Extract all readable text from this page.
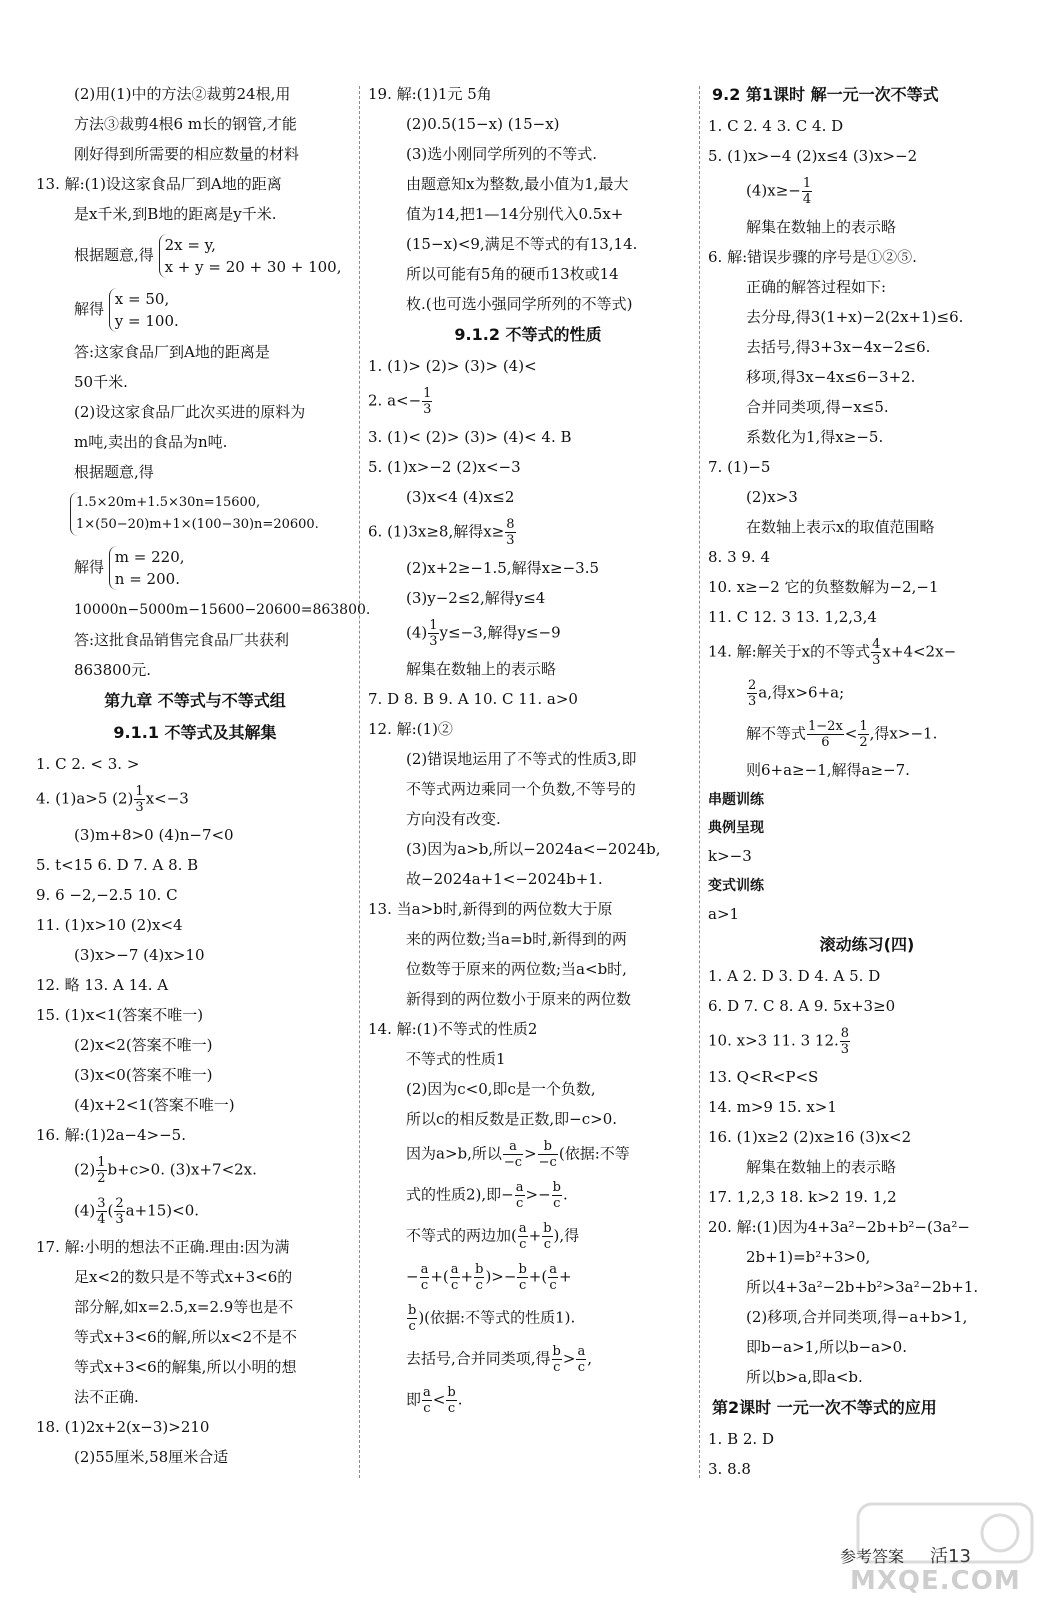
(2)用(1)中的方法②裁剪24根,用
方法③裁剪4根6 m长的钢管,才能
刚好得到所需要的相应数量的材料
13. 解:(1)设这家食品厂到A地的距离
是x千米,到B地的距离是y千米.
根据题意,得 2x = y,
x + y = 20 + 30 + 100,
解得 x = 50,
y = 100.
答:这家食品厂到A地的距离是
50千米.
(2)设这家食品厂此次买进的原料为
m吨,卖出的食品为n吨.
根据题意,得
1.5×20m+1.5×30n=15600,
1×(50−20)m+1×(100−30)n=20600.
解得 m = 220,
n = 200.
10000n−5000m−15600−20600=863800.
答:这批食品销售完食品厂共获利
863800元.
第九章 不等式与不等式组
9.1.1 不等式及其解集
1. C 2. < 3. >
4. (1)a>5 $(2) \frac{1}{3} x<-3$
(3)m+8>0 (4)n−7<0
5. t<15 6. D 7. A 8. B
9. 6 −2,−2.5 10. C
11. (1)x>10 (2)x<4
(3)x>−7 (4)x>10
12. 略 13. A 14. A
15. (1)x<1(答案不唯一)
(2)x<2(答案不唯一)
(3)x<0(答案不唯一)
(4)x+2<1(答案不唯一)
16. 解:(1)2a−4>−5.
$(2) \frac{1}{2} b+c>0$. (3)x+7<2x.
$(4) \frac{3}{4}$ ( $\frac{2}{3} a+15)<0$.
17. 解:小明的想法不正确.理由:因为满
足x<2的数只是不等式x+3<6的
部分解,如x=2.5,x=2.9等也是不
等式x+3<6的解,所以x<2不是不
等式x+3<6的解集,所以小明的想
法不正确.
18. (1)2x+2(x−3)>210
(2)55厘米,58厘米合适
19. 解:(1)1元 5角
(2)0.5(15−x) (15−x)
(3)选小刚同学所列的不等式.
由题意知x为整数,最小值为1,最大
值为14,把1—14分别代入0.5x+
(15−x)<9,满足不等式的有13,14.
所以可能有5角的硬币13枚或14
枚.(也可选小强同学所列的不等式)
9.1.2 不等式的性质
1. (1)> (2)> (3)> (4)<
2. $a<- \frac{1}{3}$
3. (1)< (2)> (3)> (4)< 4. B
5. (1)x>−2 (2)x<−3
(3)x<4 (4)x≤2
6. (1)3x≥8,解得$x\ge \frac{8}{3}$
(2)x+2≥−1.5,解得x≥−3.5
(3)y−2≤2,解得y≤4
$(4) \frac{1}{3} y\le-3$,解得y≤−9
解集在数轴上的表示略
7. D 8. B 9. A 10. C 11. a>0
12. 解:(1)②
(2)错误地运用了不等式的性质3,即
不等式两边乘同一个负数,不等号的
方向没有改变.
(3)因为a>b,所以−2024a<−2024b,
故−2024a+1<−2024b+1.
13. 当a>b时,新得到的两位数大于原
来的两位数;当a=b时,新得到的两
位数等于原来的两位数;当a<b时,
新得到的两位数小于原来的两位数
14. 解:(1)不等式的性质2
不等式的性质1
(2)因为c<0,即c是一个负数,
所以c的相反数是正数,即−c>0.
因为a>b,所以 $\frac{a}{-c} > \frac{b}{-c}$ (依据:不等
式的性质2),即− $\frac{a}{c} >- \frac{b}{c}$ .
不等式的两边加( $\frac{a}{c} + \frac{b}{c}$ ),得
− $\frac{a}{c}$ +( $\frac{a}{c} + \frac{b}{c}$ )>− $\frac{b}{c}$ +( $\frac{a}{c}$ +
$\frac{b}{c}$ )(依据:不等式的性质1).
去括号,合并同类项,得 $\frac{b}{c} > \frac{a}{c}$ ,
即 $\frac{a}{c} < \frac{b}{c}$ .
9.2 第1课时 解一元一次不等式
1. C 2. 4 3. C 4. D
5. (1)x>−4 (2)x≤4 (3)x>−2
$(4)x\ge- \frac{1}{4}$
解集在数轴上的表示略
6. 解:错误步骤的序号是①②⑤.
正确的解答过程如下:
去分母,得3(1+x)−2(2x+1)≤6.
去括号,得3+3x−4x−2≤6.
移项,得3x−4x≤6−3+2.
合并同类项,得−x≤5.
系数化为1,得x≥−5.
7. (1)−5
(2)x>3
在数轴上表示x的取值范围略
8. 3 9. 4
10. x≥−2 它的负整数解为−2,−1
11. C 12. 3 13. 1,2,3,4
14. 解:解关于x的不等式 $\frac{4}{3} x+4<2x-$
$\frac{2}{3} a$,得x>6+a;
解不等式 $\frac{1-2x}{6} < \frac{1}{2}$ ,得x>−1.
则6+a≥−1,解得a≥−7.
串题训练
典例呈现
k>−3
变式训练
a>1
滚动练习(四)
1. A 2. D 3. D 4. A 5. D
6. D 7. C 8. A 9. 5x+3≥0
10. x>3 11. 3 12. $\frac{8}{3}$
13. Q<R<P<S
14. m>9 15. x>1
16. (1)x≥2 (2)x≥16 (3)x<2
解集在数轴上的表示略
17. 1,2,3 18. k>2 19. 1,2
20. 解:(1)因为4+3a²−2b+b²−(3a²−
2b+1)=b²+3>0,
所以4+3a²−2b+b²>3a²−2b+1.
(2)移项,合并同类项,得−a+b>1,
即b−a>1,所以b−a>0.
所以b>a,即a<b.
第2课时 一元一次不等式的应用
1. B 2. D
3. 8.8
参考答案 活13
MXQE.COM
